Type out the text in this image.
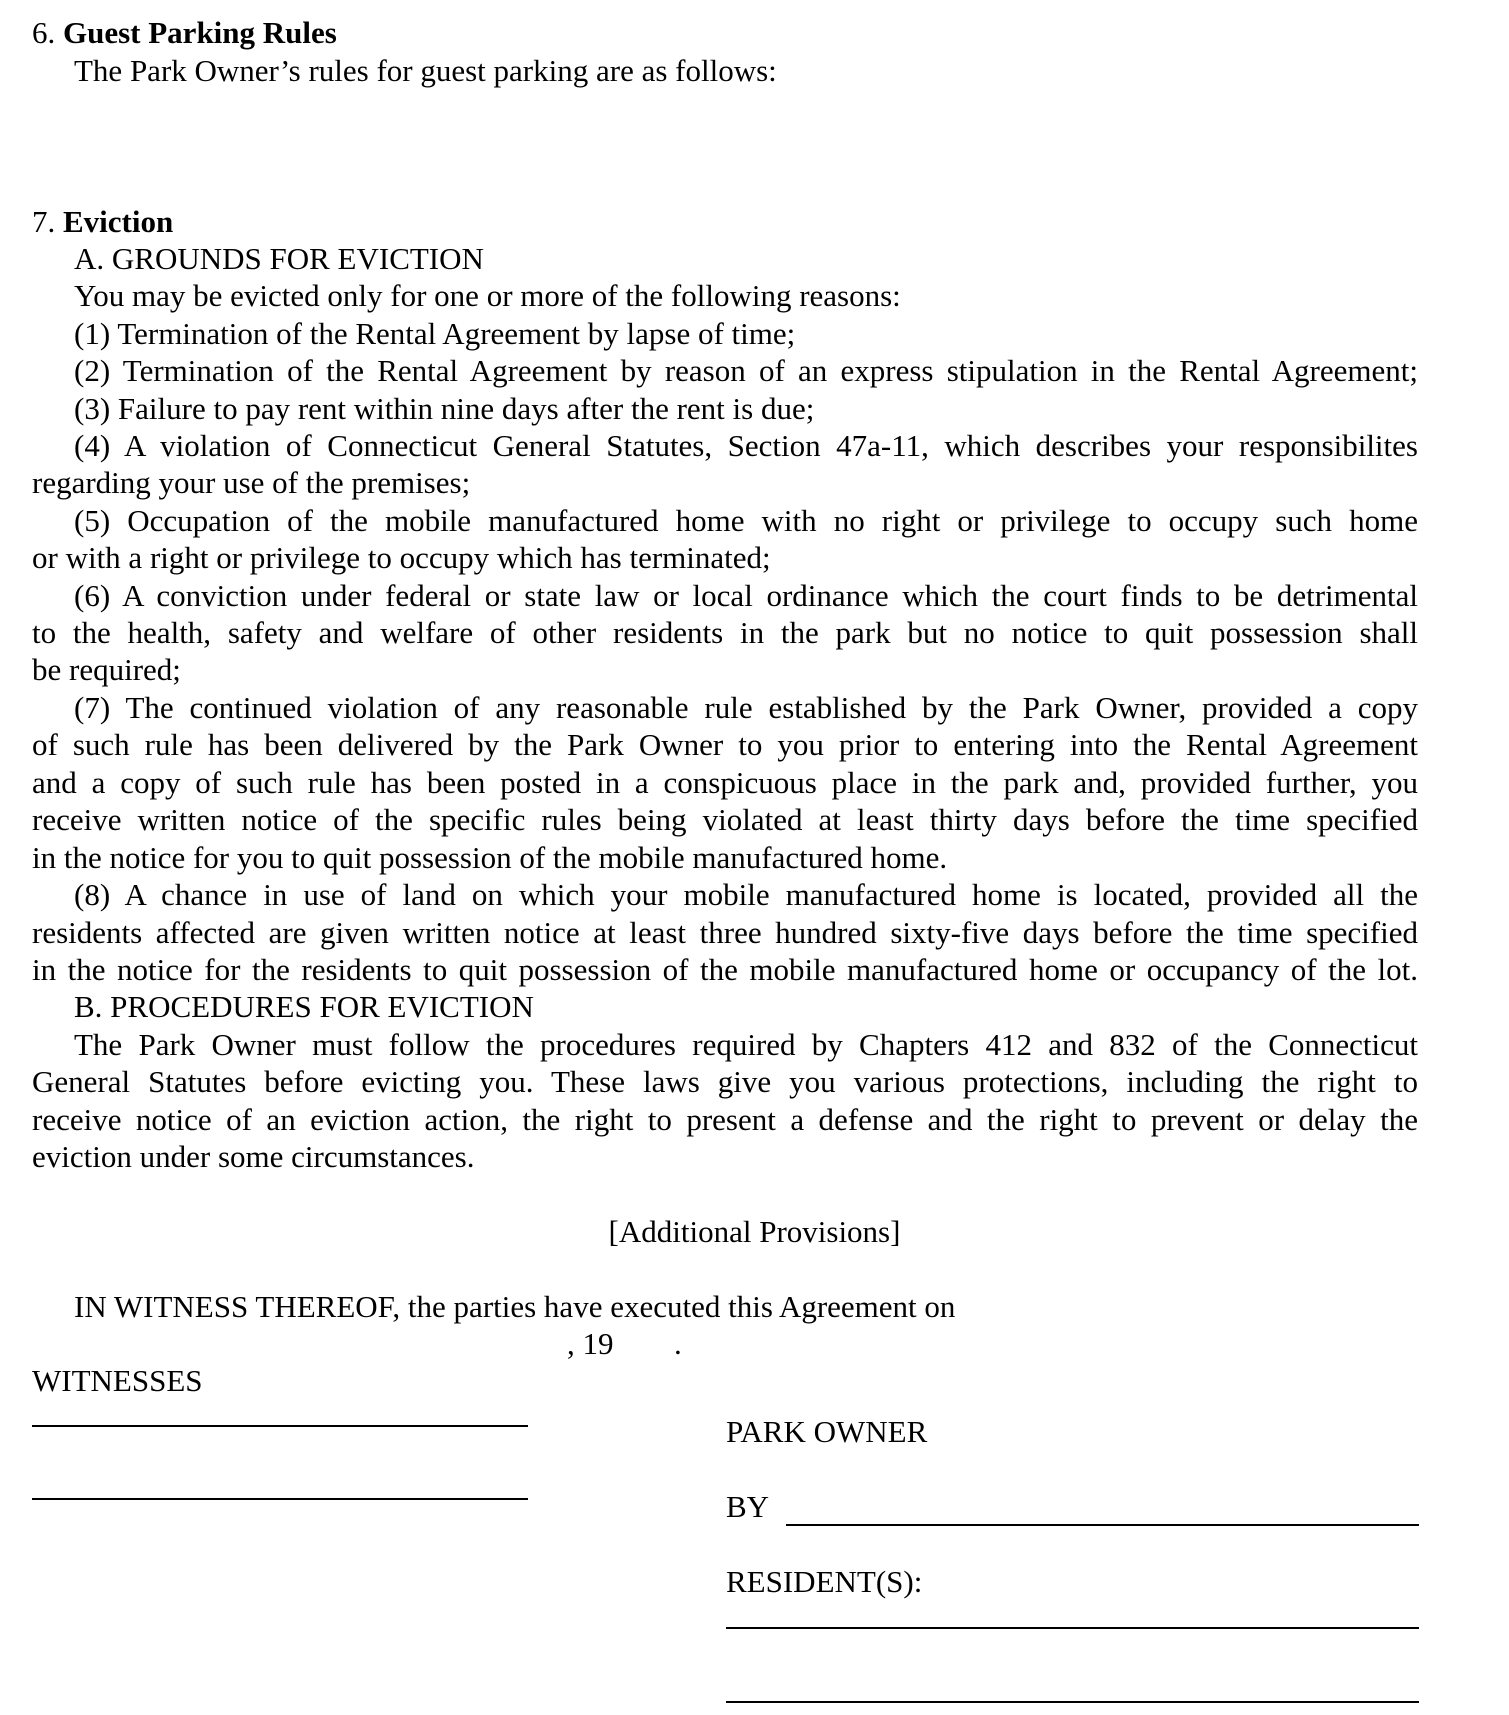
6. Guest Parking Rules
The Park Owner’s rules for guest parking are as follows:
7. Eviction
A. GROUNDS FOR EVICTION
You may be evicted only for one or more of the following reasons:
(1) Termination of the Rental Agreement by lapse of time;
(2) Termination of the Rental Agreement by reason of an express stipulation in the Rental Agreement;
(3) Failure to pay rent within nine days after the rent is due;
(4) A violation of Connecticut General Statutes, Section 47a-11, which describes your responsibilites
regarding your use of the premises;
(5) Occupation of the mobile manufactured home with no right or privilege to occupy such home
or with a right or privilege to occupy which has terminated;
(6) A conviction under federal or state law or local ordinance which the court finds to be detrimental
to the health, safety and welfare of other residents in the park but no notice to quit possession shall
be required;
(7) The continued violation of any reasonable rule established by the Park Owner, provided a copy
of such rule has been delivered by the Park Owner to you prior to entering into the Rental Agreement
and a copy of such rule has been posted in a conspicuous place in the park and, provided further, you
receive written notice of the specific rules being violated at least thirty days before the time specified
in the notice for you to quit possession of the mobile manufactured home.
(8) A chance in use of land on which your mobile manufactured home is located, provided all the
residents affected are given written notice at least three hundred sixty-five days before the time specified
in the notice for the residents to quit possession of the mobile manufactured home or occupancy of the lot.
B. PROCEDURES FOR EVICTION
The Park Owner must follow the procedures required by Chapters 412 and 832 of the Connecticut
General Statutes before evicting you. These laws give you various protections, including the right to
receive notice of an eviction action, the right to present a defense and the right to prevent or delay the
eviction under some circumstances.
[Additional Provisions]
IN WITNESS THEREOF, the parties have executed this Agreement on
, 19 .
WITNESSES
PARK OWNER
BY
RESIDENT(S):
